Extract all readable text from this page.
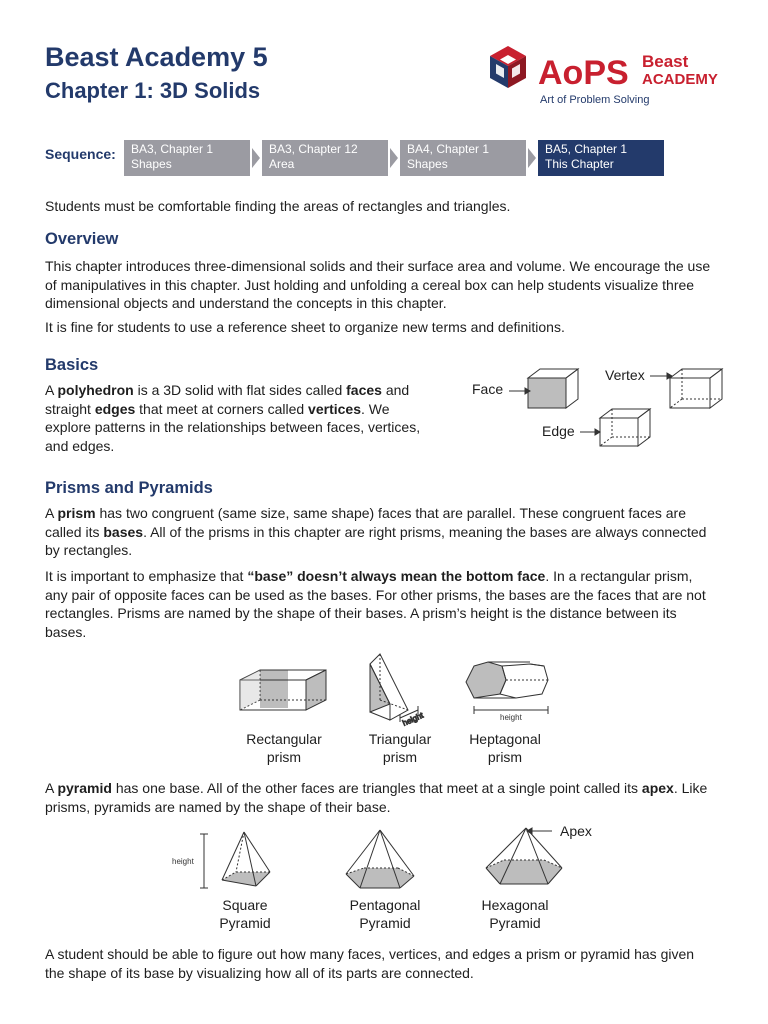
Beast Academy 5
Chapter 1: 3D Solids	AoPS Beast
ACADEMY
Art of Problem Solving
Sequence: BA3, Chapter 1
Shapes
BA3, Chapter 12
Area
BA4, Chapter 1
Shapes
BA5, Chapter 1
This Chapter

Students must be comfortable finding the areas of rectangles and triangles.

Overview

This chapter introduces three-dimensional solids and their surface area and volume. We encourage the use of manipulatives in this chapter. Just holding and unfolding a cereal box can help students visualize three dimensional objects and understand the concepts in this chapter.

It is fine for students to use a reference sheet to organize new terms and definitions.

Basics

A polyhedron is a 3D solid with flat sides called faces and straight edges that meet at corners called vertices. We explore patterns in the relationships between faces, vertices, and edges.

Face
Vertex
Edge
Prisms and Pyramids

A prism has two congruent (same size, same shape) faces that are parallel. These congruent faces are called its bases. All of the prisms in this chapter are right prisms, meaning the bases are always connected by rectangles.

It is important to emphasize that “base” doesn’t always mean the bottom face. In a rectangular prism, any pair of opposite faces can be used as the bases. For other prisms, the bases are the faces that are not rectangles. Prisms are named by the shape of their bases. A prism’s height is the distance between its bases.

height	height
Rectangular
prism
Triangular
prism
Heptagonal
prism

A pyramid has one base. All of the other faces are triangles that meet at a single point called its apex. Like prisms, pyramids are named by the shape of their base.

height
Apex
Square
Pyramid
Pentagonal
Pyramid
Hexagonal
Pyramid

A student should be able to figure out how many faces, vertices, and edges a prism or pyramid has given the shape of its base by visualizing how all of its parts are connected.
